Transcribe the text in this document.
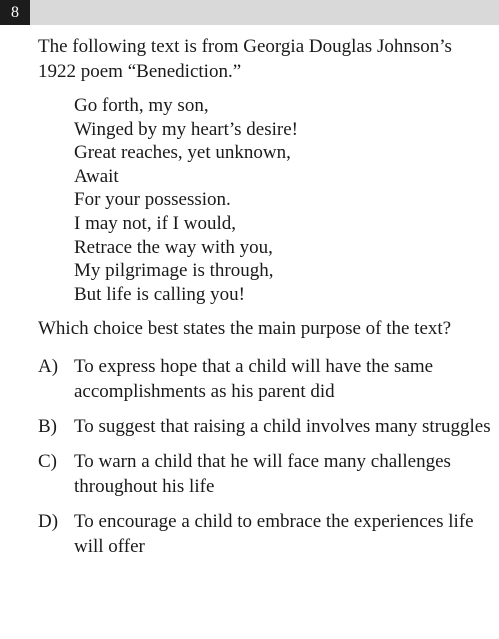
8

The following text is from Georgia Douglas Johnson’s 1922 poem “Benediction.”

Go forth, my son,
Winged by my heart’s desire!
Great reaches, yet unknown,
Await
For your possession.
I may not, if I would,
Retrace the way with you,
My pilgrimage is through,
But life is calling you!

Which choice best states the main purpose of the text?

A) To express hope that a child will have the same accomplishments as his parent did
B) To suggest that raising a child involves many struggles
C) To warn a child that he will face many challenges throughout his life
D) To encourage a child to embrace the experiences life will offer
